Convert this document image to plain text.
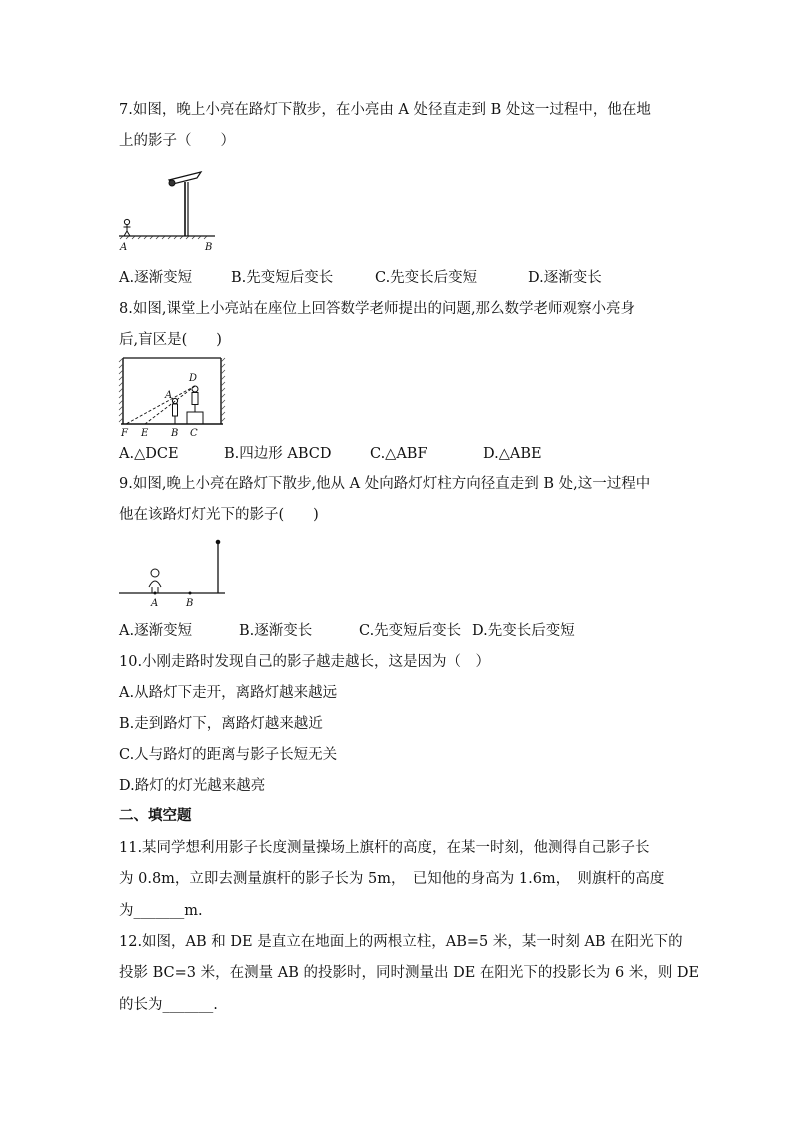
7.如图，晚上小亮在路灯下散步，在小亮由 A 处径直走到 B 处这一过程中，他在地
上的影子（　　）
A	B
A.逐渐变短	B.先变短后变长	C.先变长后变短	D.逐渐变长
8.如图,课堂上小亮站在座位上回答数学老师提出的问题,那么数学老师观察小亮身
后,盲区是(　　)
D
A
F E B C
A.△DCE	B.四边形 ABCD	C.△ABF	D.△ABE
9.如图,晚上小亮在路灯下散步,他从 A 处向路灯灯柱方向径直走到 B 处,这一过程中
他在该路灯灯光下的影子(　　)
A	B
A.逐渐变短	B.逐渐变长	C.先变短后变长 D.先变长后变短
10.小刚走路时发现自己的影子越走越长，这是因为（　）
A.从路灯下走开，离路灯越来越远
B.走到路灯下，离路灯越来越近
C.人与路灯的距离与影子长短无关
D.路灯的灯光越来越亮
二、填空题
11.某同学想利用影子长度测量操场上旗杆的高度，在某一时刻，他测得自己影子长
为 0.8m，立即去测量旗杆的影子长为 5m，　已知他的身高为 1.6m，　则旗杆的高度
为_______m.
12.如图，AB 和 DE 是直立在地面上的两根立柱，AB=5 米，某一时刻 AB 在阳光下的
投影 BC=3 米，在测量 AB 的投影时，同时测量出 DE 在阳光下的投影长为 6 米，则 DE
的长为_______.
